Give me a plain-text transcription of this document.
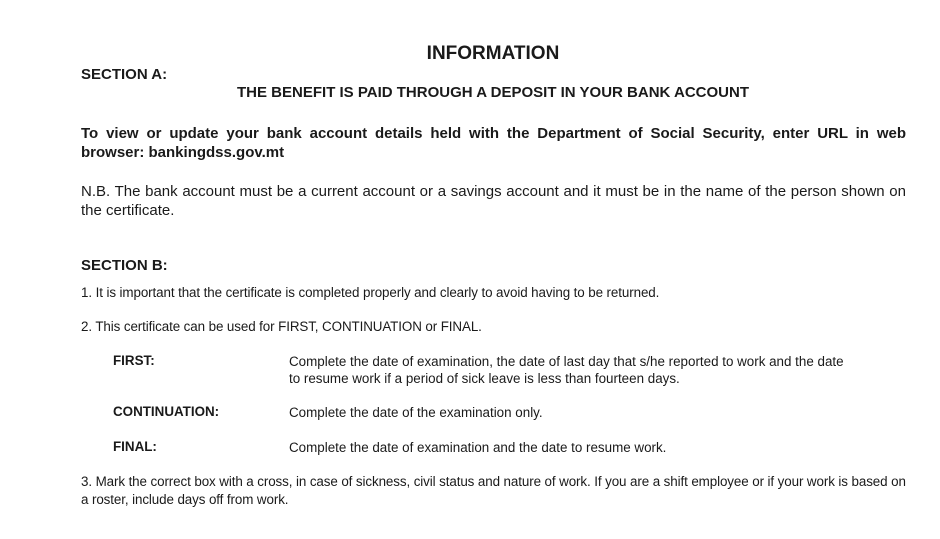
INFORMATION
SECTION A:
THE BENEFIT IS PAID THROUGH A DEPOSIT IN YOUR BANK ACCOUNT

To view or update your bank account details held with the Department of Social Security, enter URL in web browser: bankingdss.gov.mt

N.B. The bank account must be a current account or a savings account and it must be in the name of the person shown on the certificate.

SECTION B:

1. It is important that the certificate is completed properly and clearly to avoid having to be returned.

2. This certificate can be used for FIRST, CONTINUATION or FINAL.

FIRST:	Complete the date of examination, the date of last day that s/he reported to work and the date to resume work if a period of sick leave is less than fourteen days.

CONTINUATION:	Complete the date of the examination only.

FINAL:	Complete the date of examination and the date to resume work.

3. Mark the correct box with a cross, in case of sickness, civil status and nature of work. If you are a shift employee or if your work is based on a roster, include days off from work.
